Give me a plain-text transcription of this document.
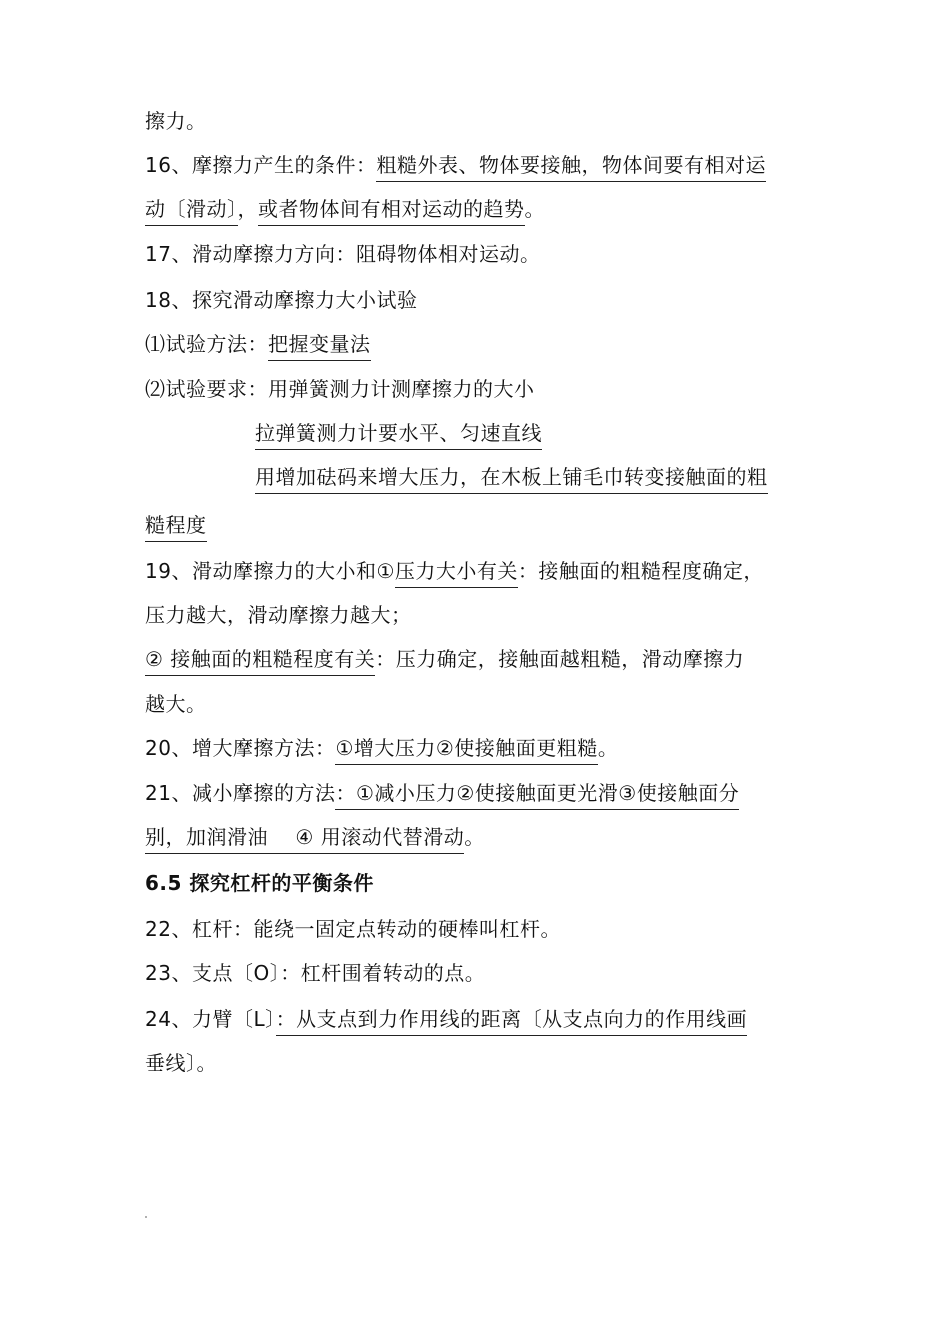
擦力。
16、摩擦力产生的条件：粗糙外表、物体要接触，物体间要有相对运
动〔滑动〕，或者物体间有相对运动的趋势。
17、滑动摩擦力方向：阻碍物体相对运动。
18、探究滑动摩擦力大小试验
⑴试验方法：把握变量法
⑵试验要求：用弹簧测力计测摩擦力的大小
拉弹簧测力计要水平、匀速直线
用增加砝码来增大压力，在木板上铺毛巾转变接触面的粗
糙程度
19、滑动摩擦力的大小和①压力大小有关：接触面的粗糙程度确定，
压力越大，滑动摩擦力越大；
② 接触面的粗糙程度有关：压力确定，接触面越粗糙，滑动摩擦力
越大。
20、增大摩擦方法：①增大压力②使接触面更粗糙。
21、减小摩擦的方法：①减小压力②使接触面更光滑③使接触面分
别，加润滑油    ④ 用滚动代替滑动。
6.5 探究杠杆的平衡条件
22、杠杆：能绕一固定点转动的硬棒叫杠杆。
23、支点〔O〕：杠杆围着转动的点。
24、力臂〔L〕：从支点到力作用线的距离〔从支点向力的作用线画
垂线〕。
